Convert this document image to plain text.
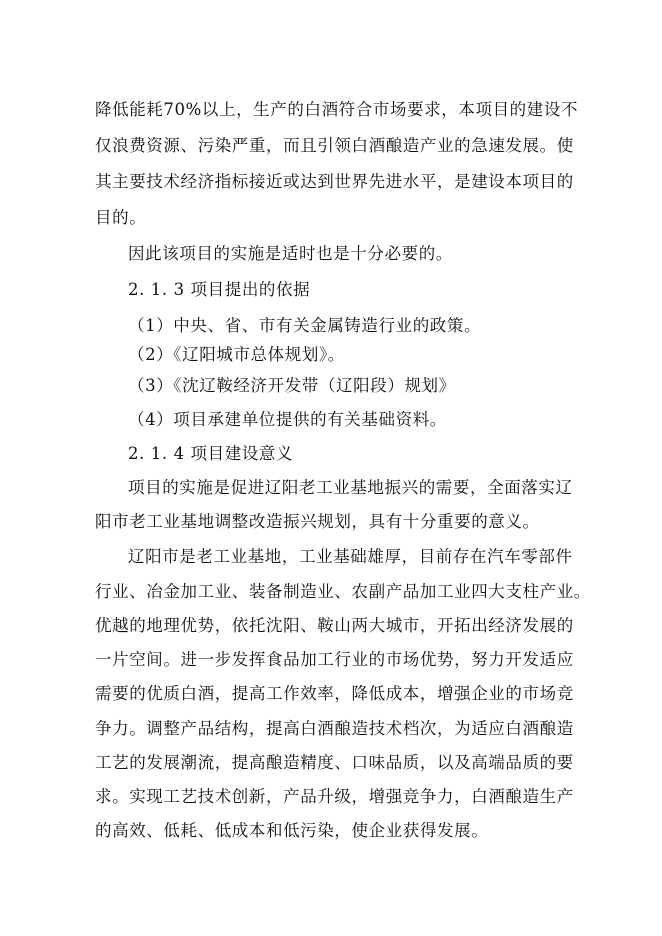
降低能耗70%以上，生产的白酒符合市场要求，本项目的建设不
仅浪费资源、污染严重，而且引领白酒酿造产业的急速发展。使
其主要技术经济指标接近或达到世界先进水平，是建设本项目的
目的。
因此该项目的实施是适时也是十分必要的。
2. 1. 3 项目提出的依据
（1）中央、省、市有关金属铸造行业的政策。
（2）《辽阳城市总体规划》。
（3）《沈辽鞍经济开发带（辽阳段）规划》
（4）项目承建单位提供的有关基础资料。
2. 1. 4 项目建设意义
项目的实施是促进辽阳老工业基地振兴的需要，全面落实辽
阳市老工业基地调整改造振兴规划，具有十分重要的意义。
辽阳市是老工业基地，工业基础雄厚，目前存在汽车零部件
行业、冶金加工业、装备制造业、农副产品加工业四大支柱产业。
优越的地理优势，依托沈阳、鞍山两大城市，开拓出经济发展的
一片空间。进一步发挥食品加工行业的市场优势，努力开发适应
需要的优质白酒，提高工作效率，降低成本，增强企业的市场竞
争力。调整产品结构，提高白酒酿造技术档次，为适应白酒酿造
工艺的发展潮流，提高酿造精度、口味品质，以及高端品质的要
求。实现工艺技术创新，产品升级，增强竞争力，白酒酿造生产
的高效、低耗、低成本和低污染，使企业获得发展。
